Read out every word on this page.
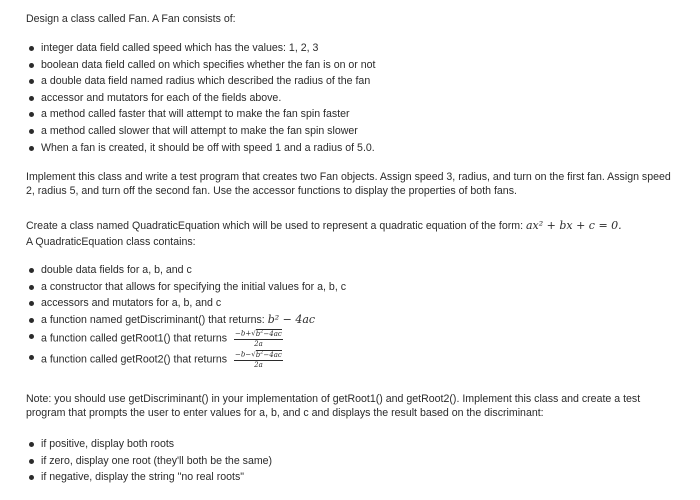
Design a class called Fan. A Fan consists of:

integer data field called speed which has the values: 1, 2, 3
boolean data field called on which specifies whether the fan is on or not
a double data field named radius which described the radius of the fan
accessor and mutators for each of the fields above.
a method called faster that will attempt to make the fan spin faster
a method called slower that will attempt to make the fan spin slower
When a fan is created, it should be off with speed 1 and a radius of 5.0.

Implement this class and write a test program that creates two Fan objects. Assign speed 3, radius, and turn on the first fan. Assign speed 2, radius 5, and turn off the second fan. Use the accessor functions to display the properties of both fans.

Create a class named QuadraticEquation which will be used to represent a quadratic equation of the form: ax² + bx + c = 0.

A QuadraticEquation class contains:

double data fields for a, b, and c
a constructor that allows for specifying the initial values for a, b, c
accessors and mutators for a, b, and c
a function named getDiscriminant() that returns: b² − 4ac
a function called getRoot1() that returns $\frac{-b+√b^2-4ac}{2a}$
a function called getRoot2() that returns $\frac{-b-√b^2-4ac}{2a}$

Note: you should use getDiscriminant() in your implementation of getRoot1() and getRoot2(). Implement this class and create a test program that prompts the user to enter values for a, b, and c and displays the result based on the discriminant:

if positive, display both roots
if zero, display one root (they'll both be the same)
if negative, display the string "no real roots"
